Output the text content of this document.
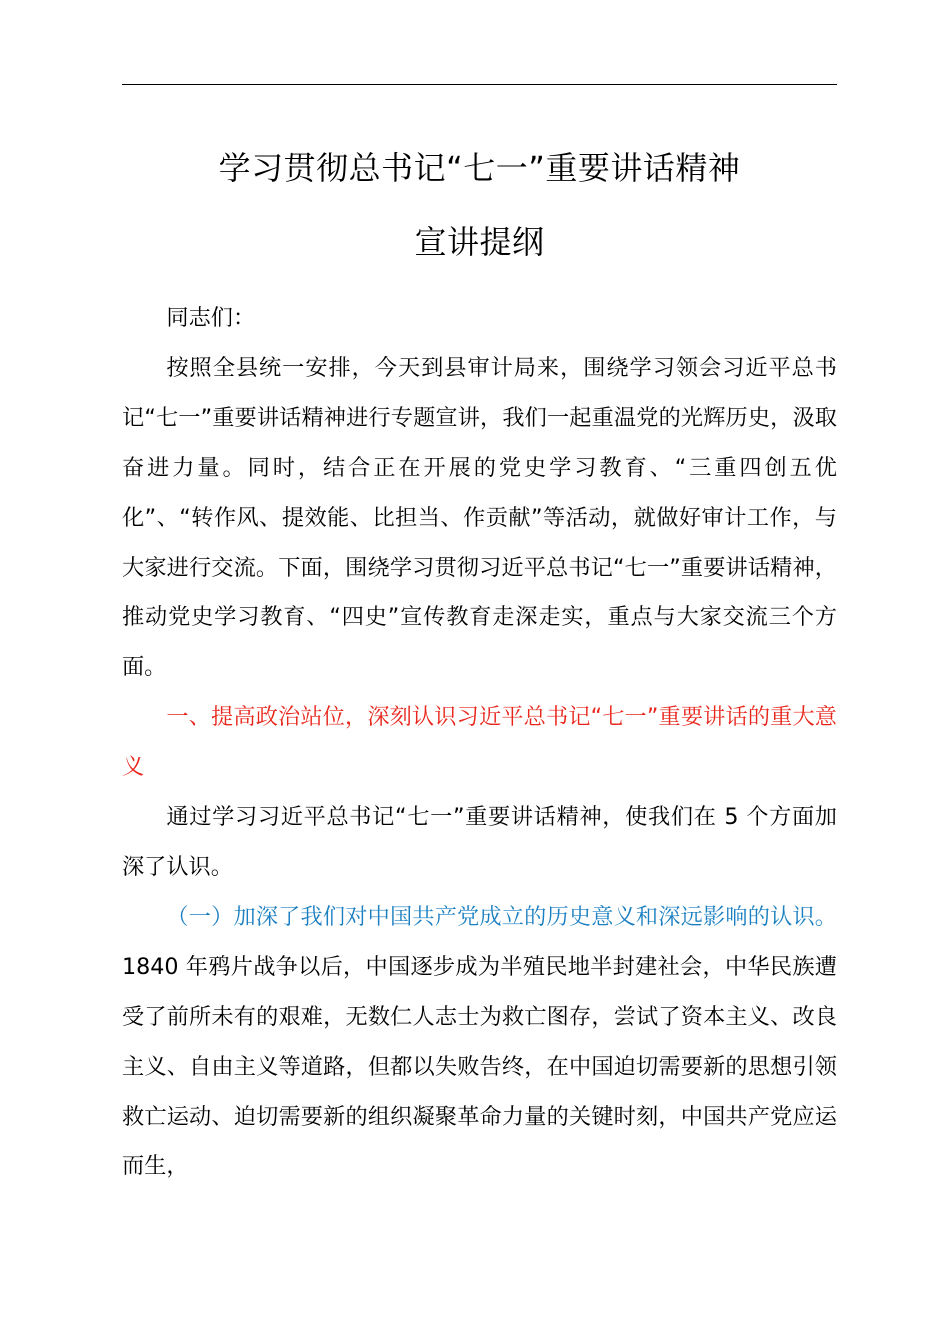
学习贯彻总书记“七一”重要讲话精神
宣讲提纲

同志们：

按照全县统一安排，今天到县审计局来，围绕学习领会习近平总书记“七一”重要讲话精神进行专题宣讲，我们一起重温党的光辉历史，汲取奋进力量。同时，结合正在开展的党史学习教育、“三重四创五优化”、“转作风、提效能、比担当、作贡献”等活动，就做好审计工作，与大家进行交流。下面，围绕学习贯彻习近平总书记“七一”重要讲话精神，推动党史学习教育、“四史”宣传教育走深走实，重点与大家交流三个方面。

一、提高政治站位，深刻认识习近平总书记“七一”重要讲话的重大意义

通过学习习近平总书记“七一”重要讲话精神，使我们在 5 个方面加深了认识。

（一）加深了我们对中国共产党成立的历史意义和深远影响的认识。1840 年鸦片战争以后，中国逐步成为半殖民地半封建社会，中华民族遭受了前所未有的艰难，无数仁人志士为救亡图存，尝试了资本主义、改良主义、自由主义等道路，但都以失败告终，在中国迫切需要新的思想引领救亡运动、迫切需要新的组织凝聚革命力量的关键时刻，中国共产党应运而生，
